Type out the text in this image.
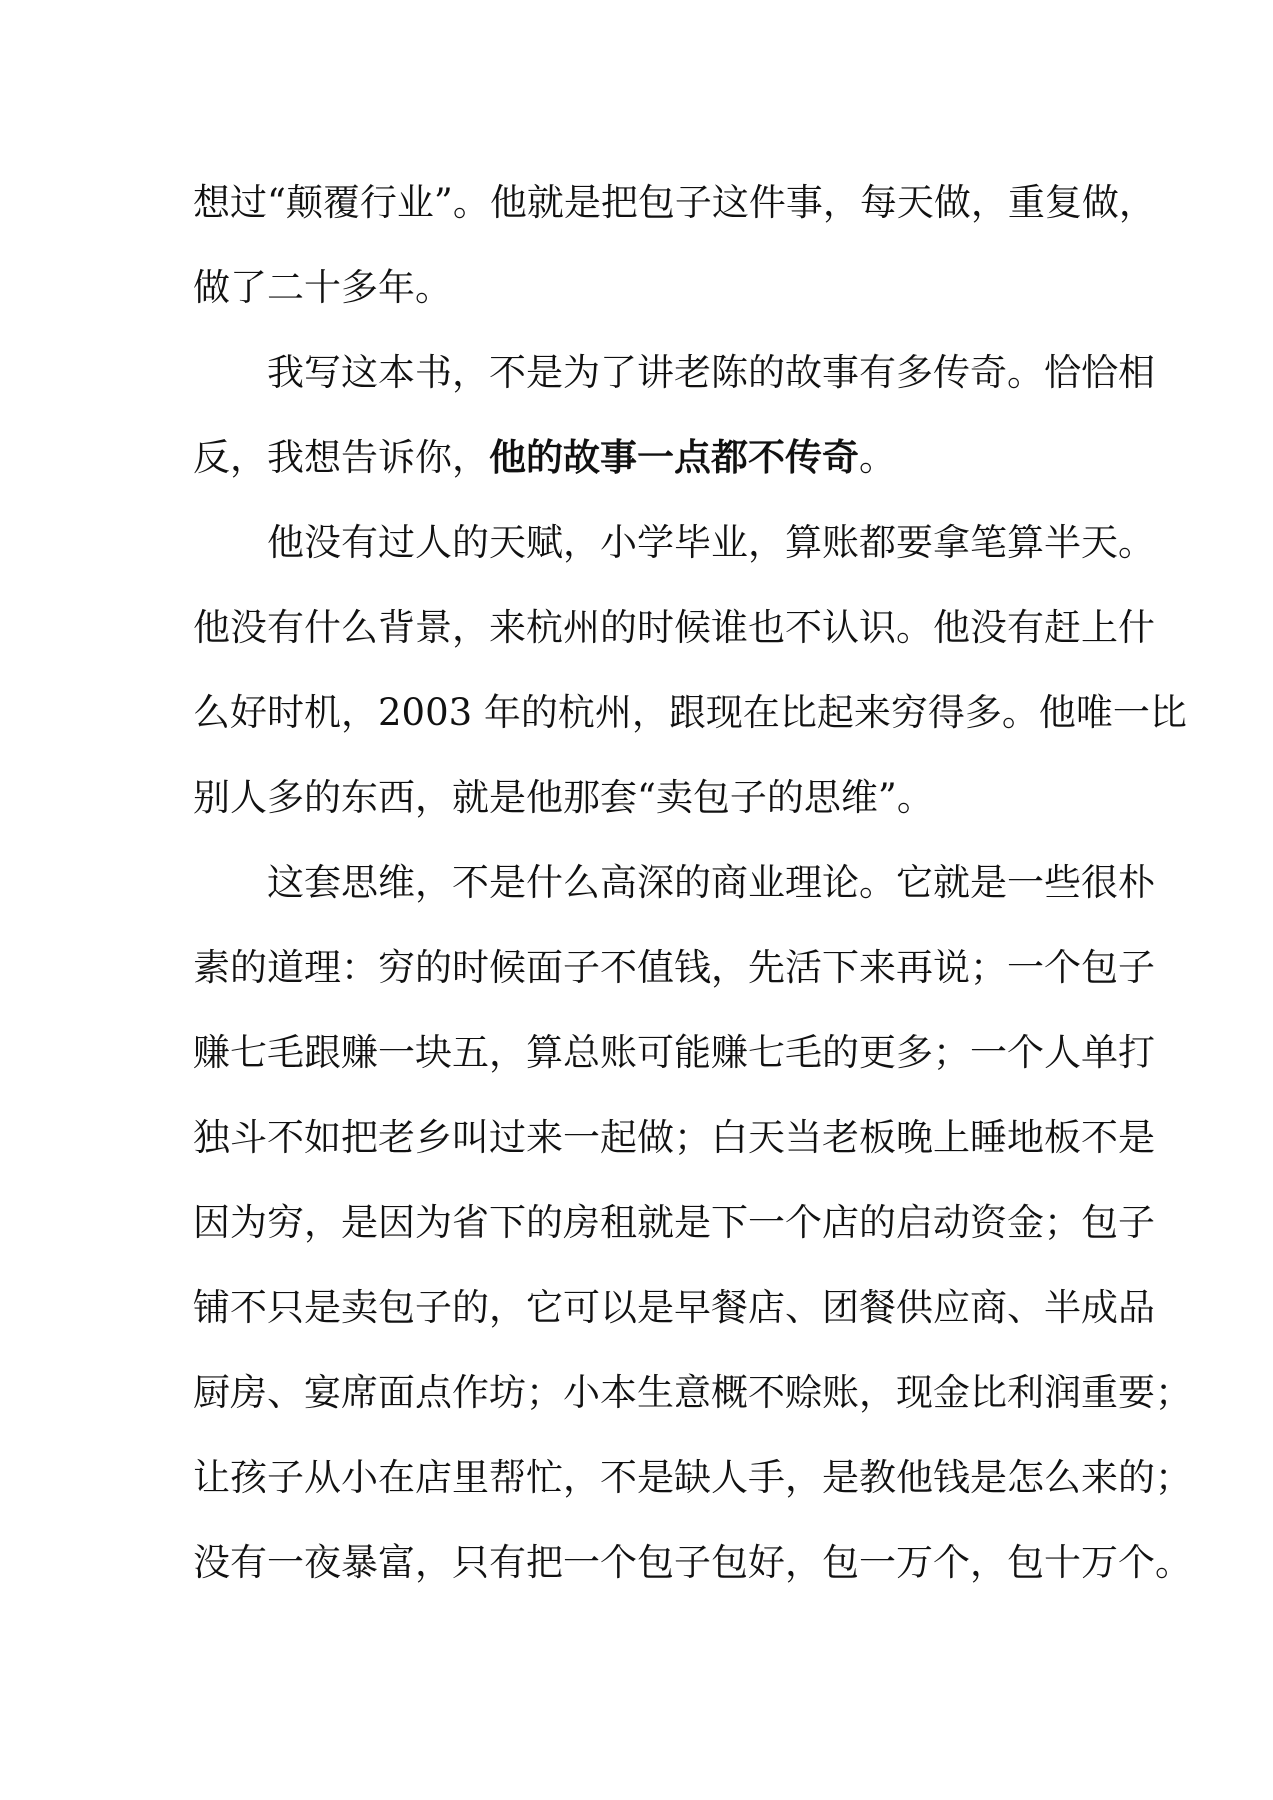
想过“颠覆行业”。他就是把包子这件事，每天做，重复做，
做了二十多年。

我写这本书，不是为了讲老陈的故事有多传奇。恰恰相
反，我想告诉你，他的故事一点都不传奇。

他没有过人的天赋，小学毕业，算账都要拿笔算半天。
他没有什么背景，来杭州的时候谁也不认识。他没有赶上什
么好时机，2003 年的杭州，跟现在比起来穷得多。他唯一比
别人多的东西，就是他那套“卖包子的思维”。

这套思维，不是什么高深的商业理论。它就是一些很朴
素的道理：穷的时候面子不值钱，先活下来再说；一个包子
赚七毛跟赚一块五，算总账可能赚七毛的更多；一个人单打
独斗不如把老乡叫过来一起做；白天当老板晚上睡地板不是
因为穷，是因为省下的房租就是下一个店的启动资金；包子
铺不只是卖包子的，它可以是早餐店、团餐供应商、半成品
厨房、宴席面点作坊；小本生意概不赊账，现金比利润重要；
让孩子从小在店里帮忙，不是缺人手，是教他钱是怎么来的；
没有一夜暴富，只有把一个包子包好，包一万个，包十万个。
